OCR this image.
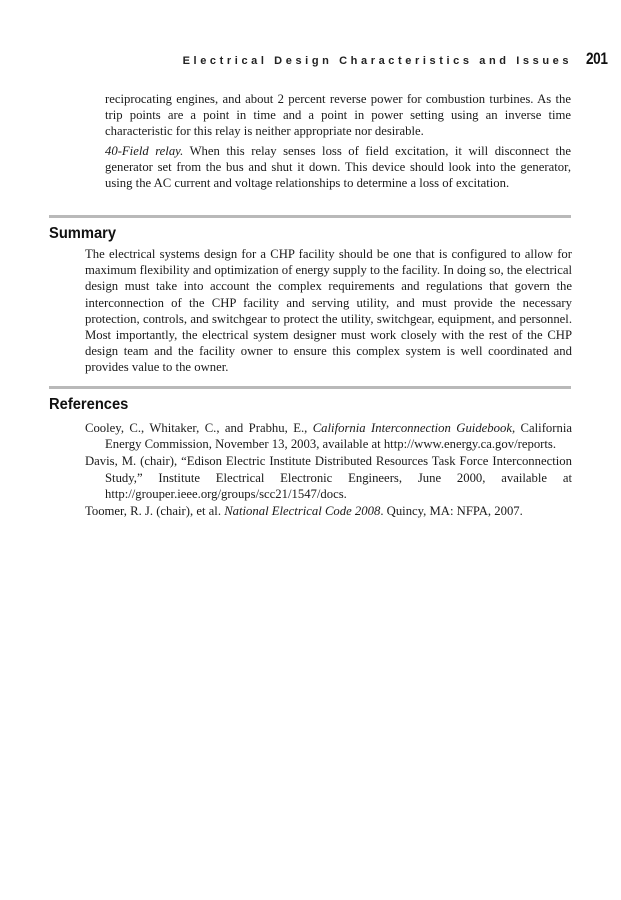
Electrical Design Characteristics and Issues 201

reciprocating engines, and about 2 percent reverse power for combustion turbines. As the trip points are a point in time and a point in power setting using an inverse time characteristic for this relay is neither appropriate nor desirable.

40-Field relay. When this relay senses loss of field excitation, it will disconnect the generator set from the bus and shut it down. This device should look into the generator, using the AC current and voltage relationships to determine a loss of excitation.

Summary

The electrical systems design for a CHP facility should be one that is configured to allow for maximum flexibility and optimization of energy supply to the facility. In doing so, the electrical design must take into account the complex requirements and regulations that govern the interconnection of the CHP facility and serving utility, and must provide the necessary protection, controls, and switchgear to protect the utility, switchgear, equipment, and personnel. Most importantly, the electrical system designer must work closely with the rest of the CHP design team and the facility owner to ensure this complex system is well coordinated and provides value to the owner.

References

Cooley, C., Whitaker, C., and Prabhu, E., California Interconnection Guidebook, California Energy Commission, November 13, 2003, available at http://www.energy.ca.gov/reports.

Davis, M. (chair), “Edison Electric Institute Distributed Resources Task Force Interconnection Study,” Institute Electrical Electronic Engineers, June 2000, available at http://grouper.ieee.org/groups/scc21/1547/docs.

Toomer, R. J. (chair), et al. National Electrical Code 2008. Quincy, MA: NFPA, 2007.
